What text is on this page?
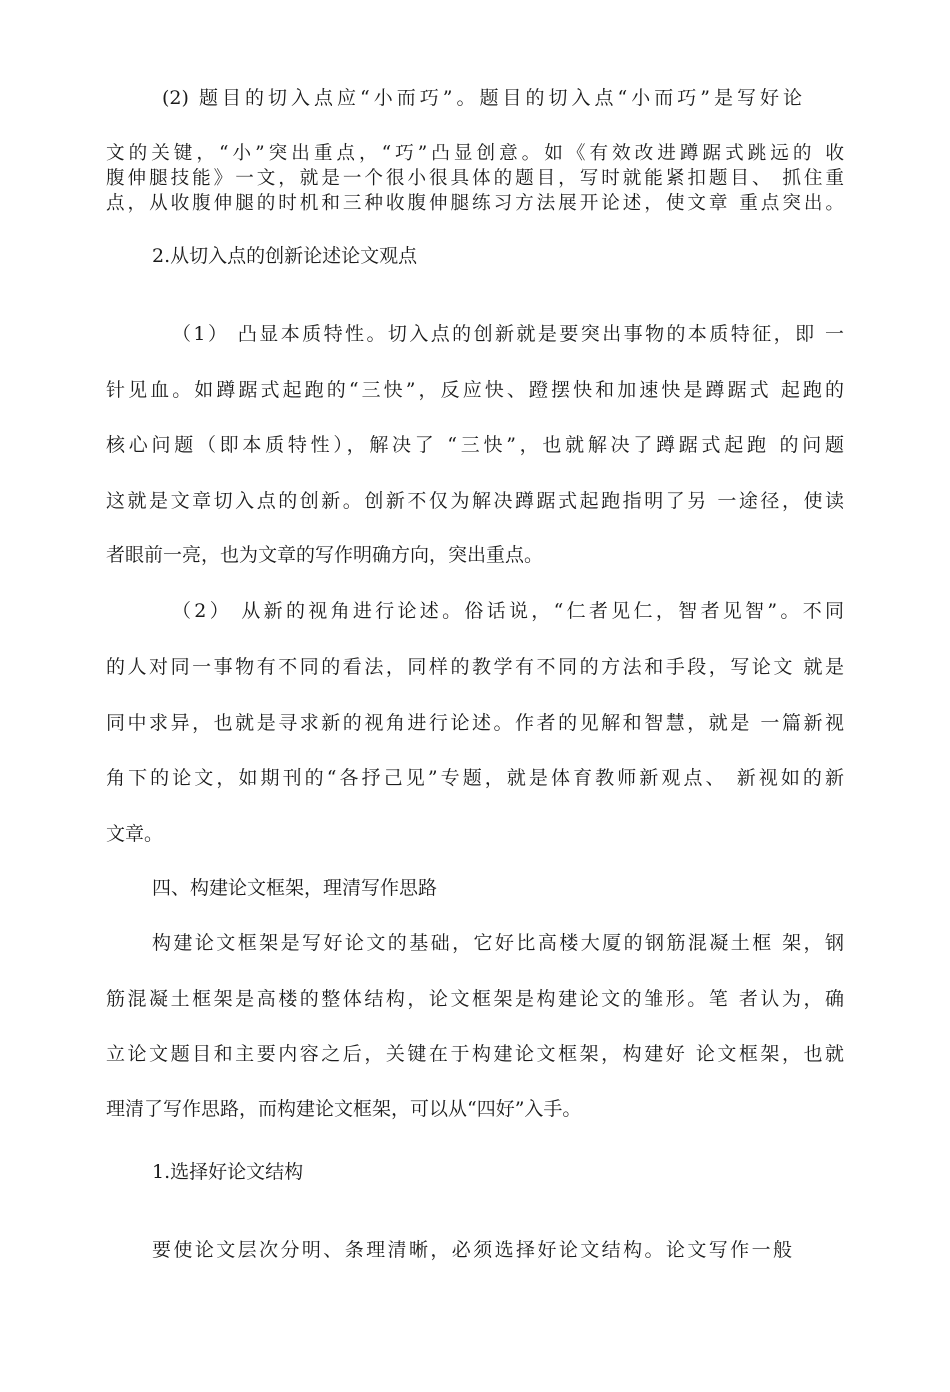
(2) 题目的切入点应“小而巧”。题目的切入点“小而巧”是写好论
文的关键，“小”突出重点，“巧”凸显创意。如《有效改进蹲踞式跳远的 收
腹伸腿技能》一文，就是一个很小很具体的题目，写时就能紧扣题目、 抓住重
点，从收腹伸腿的时机和三种收腹伸腿练习方法展开论述，使文章 重点突出。
2.从切入点的创新论述论文观点
（1） 凸显本质特性。切入点的创新就是要突出事物的本质特征，即 一
针见血。如蹲踞式起跑的“三快”，反应快、蹬摆快和加速快是蹲踞式 起跑的
核心问题（即本质特性），解决了 “三快”，也就解决了蹲踞式起跑 的问题
这就是文章切入点的创新。创新不仅为解决蹲踞式起跑指明了另 一途径，使读
者眼前一亮，也为文章的写作明确方向，突出重点。
（2） 从新的视角进行论述。俗话说，“仁者见仁，智者见智”。不同
的人对同一事物有不同的看法，同样的教学有不同的方法和手段，写论文 就是
同中求异，也就是寻求新的视角进行论述。作者的见解和智慧，就是 一篇新视
角下的论文，如期刊的“各抒己见”专题，就是体育教师新观点、 新视如的新
文章。
四、构建论文框架，理清写作思路
构建论文框架是写好论文的基础，它好比高楼大厦的钢筋混凝土框 架，钢
筋混凝土框架是高楼的整体结构，论文框架是构建论文的雏形。笔 者认为，确
立论文题目和主要内容之后，关键在于构建论文框架，构建好 论文框架，也就
理清了写作思路，而构建论文框架，可以从“四好”入手。
1.选择好论文结构
要使论文层次分明、条理清晰，必须选择好论文结构。论文写作一般
